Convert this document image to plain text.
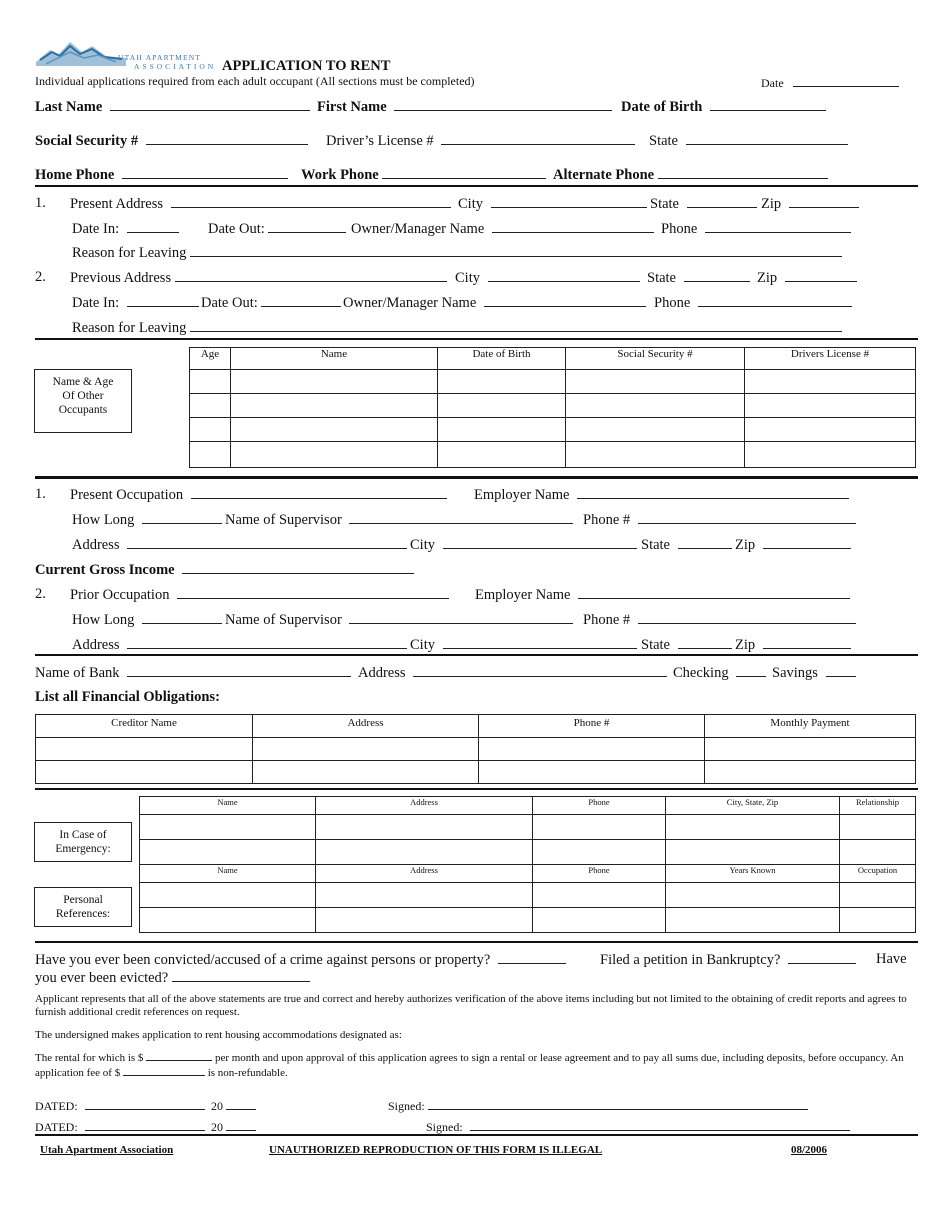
UTAH APARTMENT
ASSOCIATION APPLICATION TO RENT
Individual applications required from each adult occupant (All sections must be completed)	Date
Last Name	First Name	Date of Birth
Social Security #	Driver’s License #	State
Home Phone	Work Phone	Alternate Phone
1. Present Address	City	State	Zip
Date In:	Date Out:	Owner/Manager Name	Phone
Reason for Leaving
2. Previous Address	City	State	Zip
Date In:	Date Out:	Owner/Manager Name	Phone
Reason for Leaving
Name & Age Of Other Occupants
Age	Name	Date of Birth	Social Security #	Drivers License #

1. Present Occupation	Employer Name
How Long	Name of Supervisor	Phone #
Address	City	State	Zip
Current Gross Income
2. Prior Occupation	Employer Name
How Long	Name of Supervisor	Phone #
Address	City	State	Zip
Name of Bank	Address	Checking	Savings
List all Financial Obligations:
Creditor Name	Address	Phone #	Monthly Payment

In Case of Emergency:
Personal References:
Name	Address	Phone	City, State, Zip	Relationship

Name	Address	Phone	Years Known	Occupation

Have you ever been convicted/accused of a crime against persons or property?	Filed a petition in Bankruptcy?	Have
you ever been evicted?
Applicant represents that all of the above statements are true and correct and hereby authorizes verification of the above items including but not limited to the obtaining of credit reports and agrees to furnish additional credit references on request.
The undersigned makes application to rent housing accommodations designated as:
The rental for which is $	per month and upon approval of this application agrees to sign a rental or lease agreement and to pay all sums due, including deposits, before occupancy. An application fee of $	is non-refundable.
DATED:	20	Signed:
DATED:	20	Signed:
Utah Apartment Association	UNAUTHORIZED REPRODUCTION OF THIS FORM IS ILLEGAL	08/2006
